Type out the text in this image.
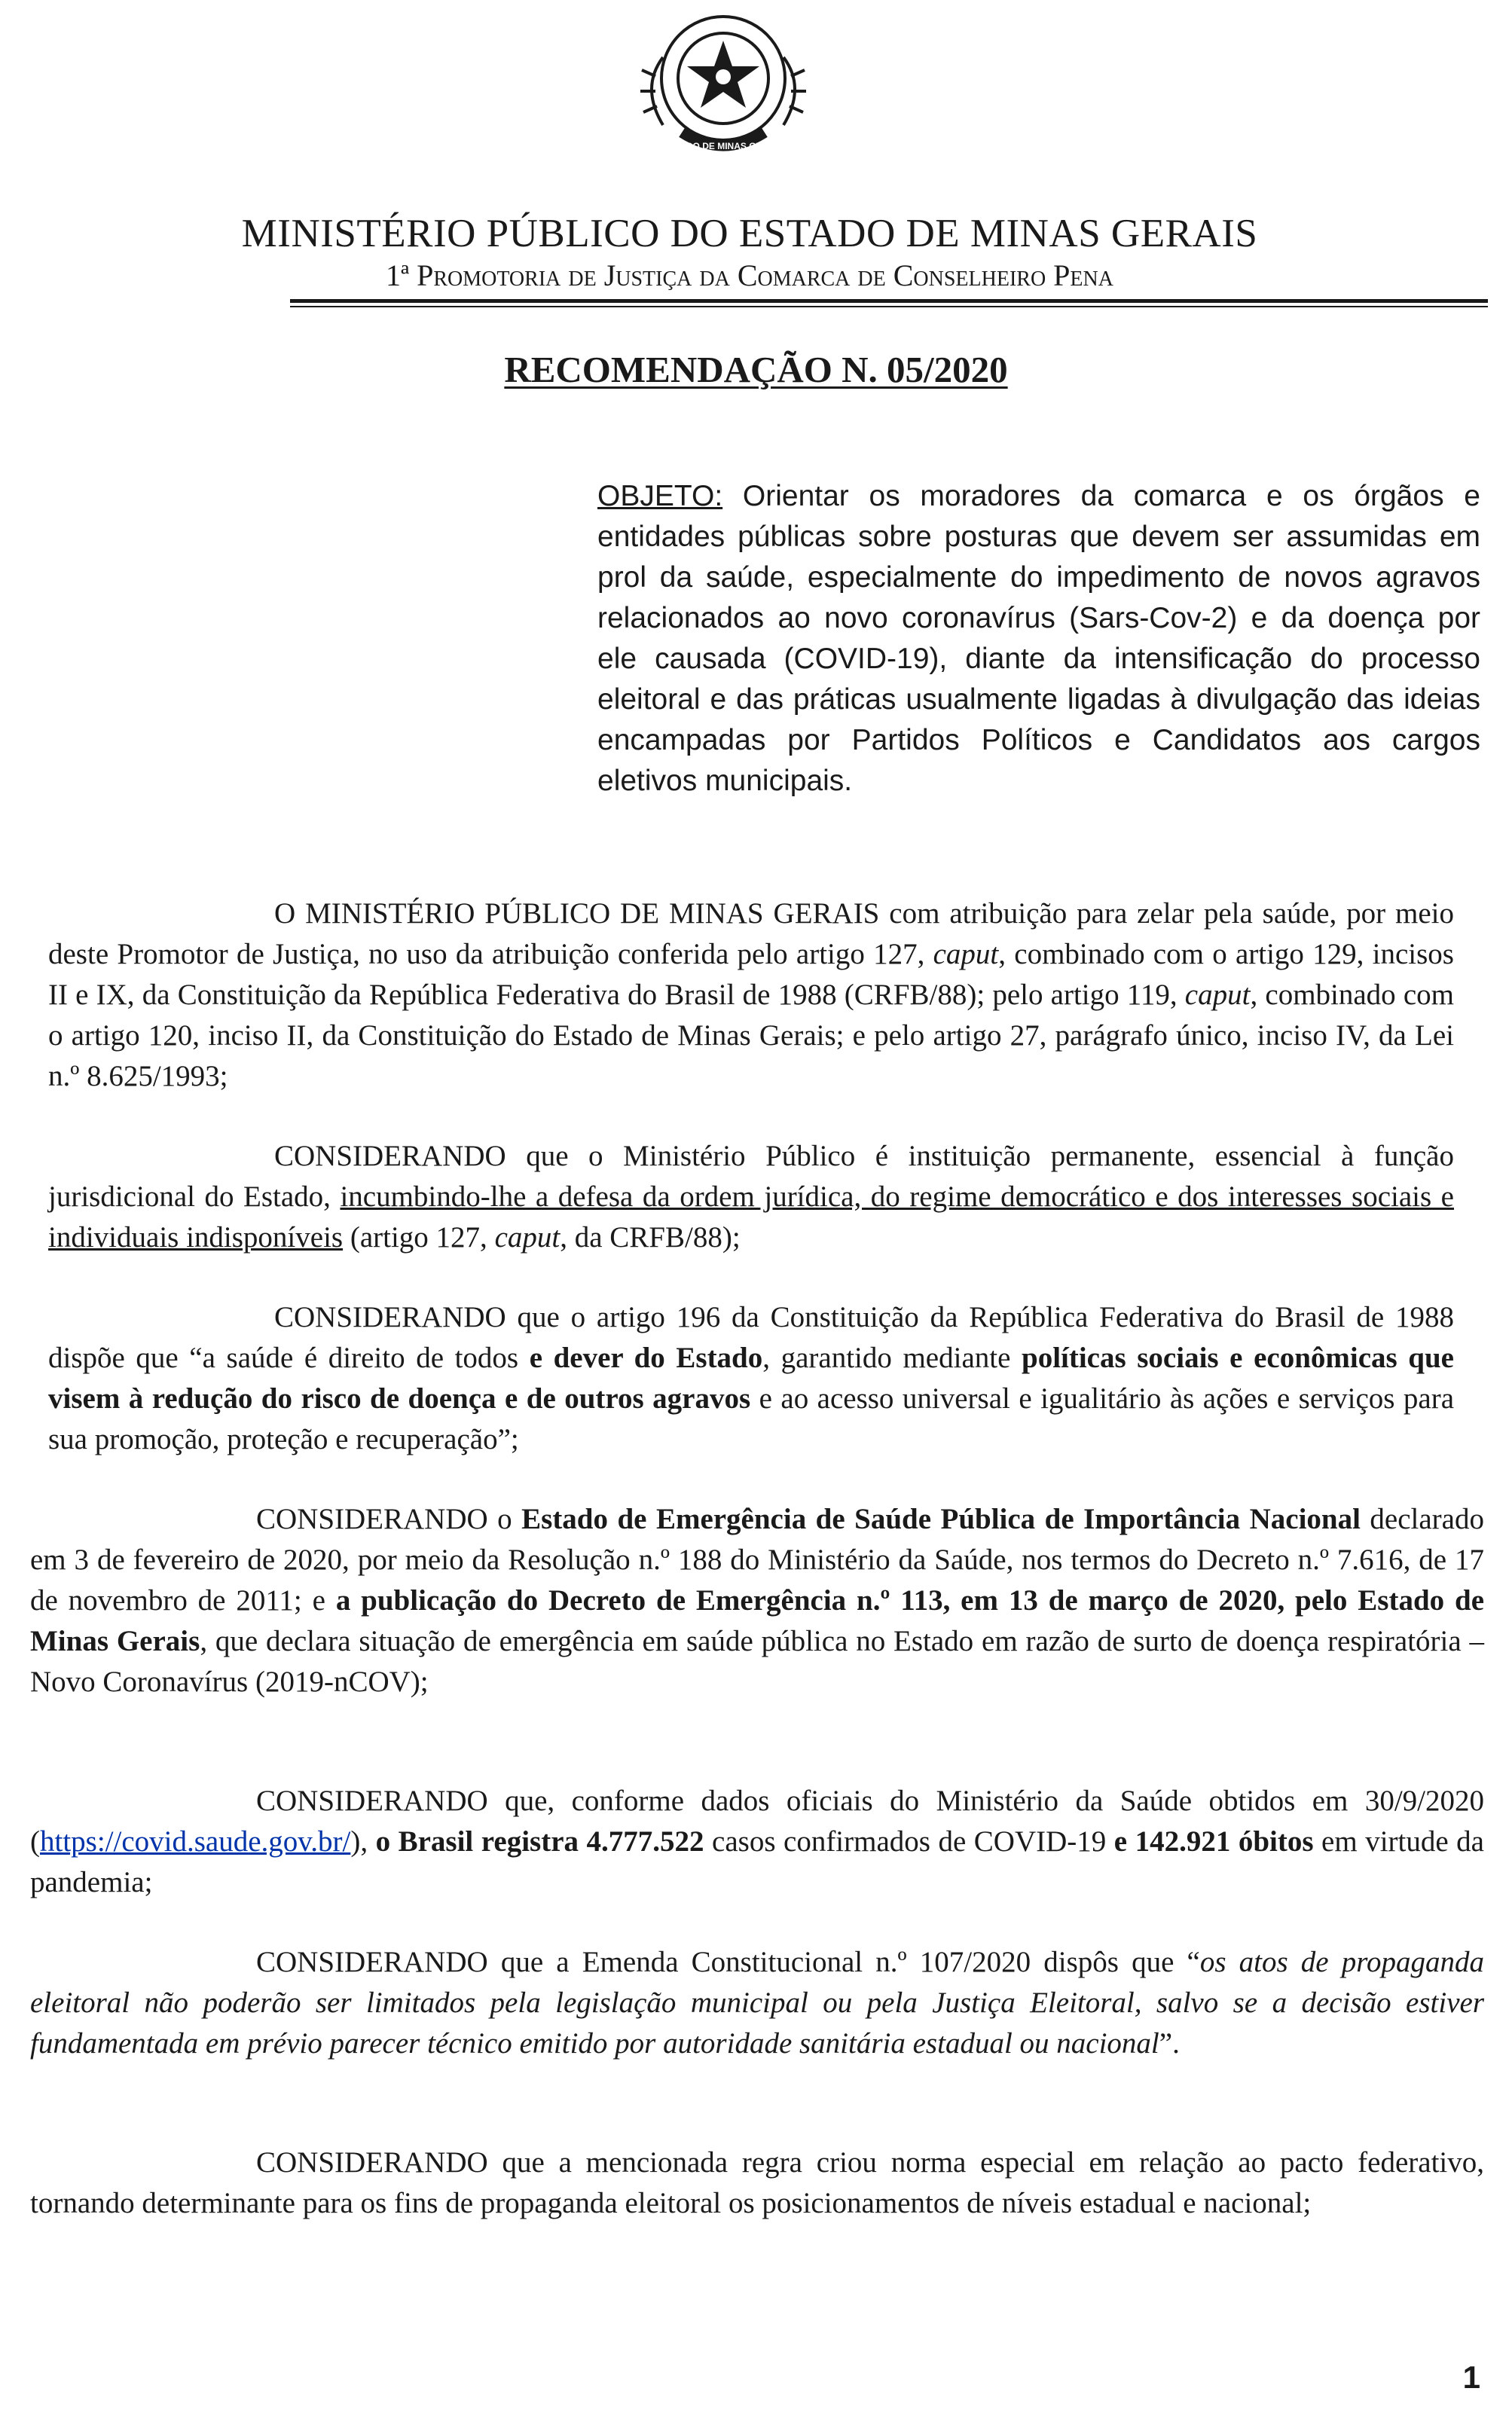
ESTADO DE MINAS GERAIS
MINISTÉRIO PÚBLICO DO ESTADO DE MINAS GERAIS
1ª Promotoria de Justiça da Comarca de Conselheiro Pena
RECOMENDAÇÃO N. 05/2020
OBJETO: Orientar os moradores da comarca e os órgãos e entidades públicas sobre posturas que devem ser assumidas em prol da saúde, especialmente do impedimento de novos agravos relacionados ao novo coronavírus (Sars-Cov-2) e da doença por ele causada (COVID-19), diante da intensificação do processo eleitoral e das práticas usualmente ligadas à divulgação das ideias encampadas por Partidos Políticos e Candidatos aos cargos eletivos municipais.

O MINISTÉRIO PÚBLICO DE MINAS GERAIS com atribuição para zelar pela saúde, por meio deste Promotor de Justiça, no uso da atribuição conferida pelo artigo 127, caput, combinado com o artigo 129, incisos II e IX, da Constituição da República Federativa do Brasil de 1988 (CRFB/88); pelo artigo 119, caput, combinado com o artigo 120, inciso II, da Constituição do Estado de Minas Gerais; e pelo artigo 27, parágrafo único, inciso IV, da Lei n.º 8.625/1993;

CONSIDERANDO que o Ministério Público é instituição permanente, essencial à função jurisdicional do Estado, incumbindo-lhe a defesa da ordem jurídica, do regime democrático e dos interesses sociais e individuais indisponíveis (artigo 127, caput, da CRFB/88);

CONSIDERANDO que o artigo 196 da Constituição da República Federativa do Brasil de 1988 dispõe que “a saúde é direito de todos e dever do Estado, garantido mediante políticas sociais e econômicas que visem à redução do risco de doença e de outros agravos e ao acesso universal e igualitário às ações e serviços para sua promoção, proteção e recuperação”;

CONSIDERANDO o Estado de Emergência de Saúde Pública de Importância Nacional declarado em 3 de fevereiro de 2020, por meio da Resolução n.º 188 do Ministério da Saúde, nos termos do Decreto n.º 7.616, de 17 de novembro de 2011; e a publicação do Decreto de Emergência n.º 113, em 13 de março de 2020, pelo Estado de Minas Gerais, que declara situação de emergência em saúde pública no Estado em razão de surto de doença respiratória – Novo Coronavírus (2019-nCOV);

CONSIDERANDO que, conforme dados oficiais do Ministério da Saúde obtidos em 30/9/2020 (https://covid.saude.gov.br/), o Brasil registra 4.777.522 casos confirmados de COVID-19 e 142.921 óbitos em virtude da pandemia;

CONSIDERANDO que a Emenda Constitucional n.º 107/2020 dispôs que “os atos de propaganda eleitoral não poderão ser limitados pela legislação municipal ou pela Justiça Eleitoral, salvo se a decisão estiver fundamentada em prévio parecer técnico emitido por autoridade sanitária estadual ou nacional”.

CONSIDERANDO que a mencionada regra criou norma especial em relação ao pacto federativo, tornando determinante para os fins de propaganda eleitoral os posicionamentos de níveis estadual e nacional;

1
